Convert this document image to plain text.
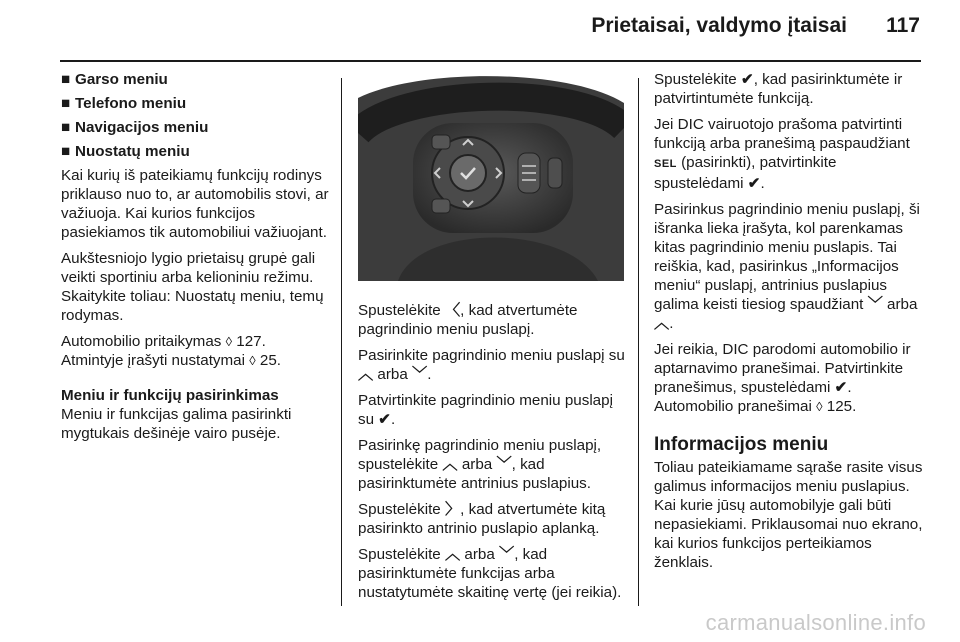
Prietaisai, valdymo įtaisai 117
■ Garso meniu
■ Telefono meniu
■ Navigacijos meniu
■ Nuostatų meniu

Kai kurių iš pateikiamų funkcijų rodinys priklauso nuo to, ar automobilis stovi, ar važiuoja. Kai kurios funkcijos pasiekiamos tik automobiliui važiuojant.

Aukštesniojo lygio prietaisų grupė gali veikti sportiniu arba kelioniniu režimu. Skaitykite toliau: Nuostatų meniu, temų rodymas.

Automobilio pritaikymas ◊ 127.
Atmintyje įrašyti nustatymai ◊ 25.

Meniu ir funkcijų pasirinkimas

Meniu ir funkcijas galima pasirinkti mygtukais dešinėje vairo pusėje.

Spustelėkite 〈, kad atvertumėte pagrindinio meniu puslapį.

Pasirinkite pagrindinio meniu puslapį su ︿ arba ﹀.

Patvirtinkite pagrindinio meniu puslapį su ✔.

Pasirinkę pagrindinio meniu puslapį, spustelėkite ︿ arba ﹀, kad pasirinktumėte antrinius puslapius.

Spustelėkite 〉, kad atvertumėte kitą pasirinkto antrinio puslapio aplanką.

Spustelėkite ︿ arba ﹀, kad pasirinktumėte funkcijas arba nustatytumėte skaitinę vertę (jei reikia).

Spustelėkite ✔, kad pasirinktumėte ir patvirtintumėte funkciją.

Jei DIC vairuotojo prašoma patvirtinti funkciją arba pranešimą paspaudžiant SEL (pasirinkti), patvirtinkite spustelėdami ✔.

Pasirinkus pagrindinio meniu puslapį, ši išranka lieka įrašyta, kol parenkamas kitas pagrindinio meniu puslapis. Tai reiškia, kad, pasirinkus „Informacijos meniu“ puslapį, antrinius puslapius galima keisti tiesiog spaudžiant ﹀ arba ︿.

Jei reikia, DIC parodomi automobilio ir aptarnavimo pranešimai. Patvirtinkite pranešimus, spustelėdami ✔. Automobilio pranešimai ◊ 125.

Informacijos meniu

Toliau pateikiamame sąraše rasite visus galimus informacijos meniu puslapius. Kai kurie jūsų automobilyje gali būti nepasiekiami. Priklausomai nuo ekrano, kai kurios funkcijos perteikiamos ženklais.

carmanualsonline.info
